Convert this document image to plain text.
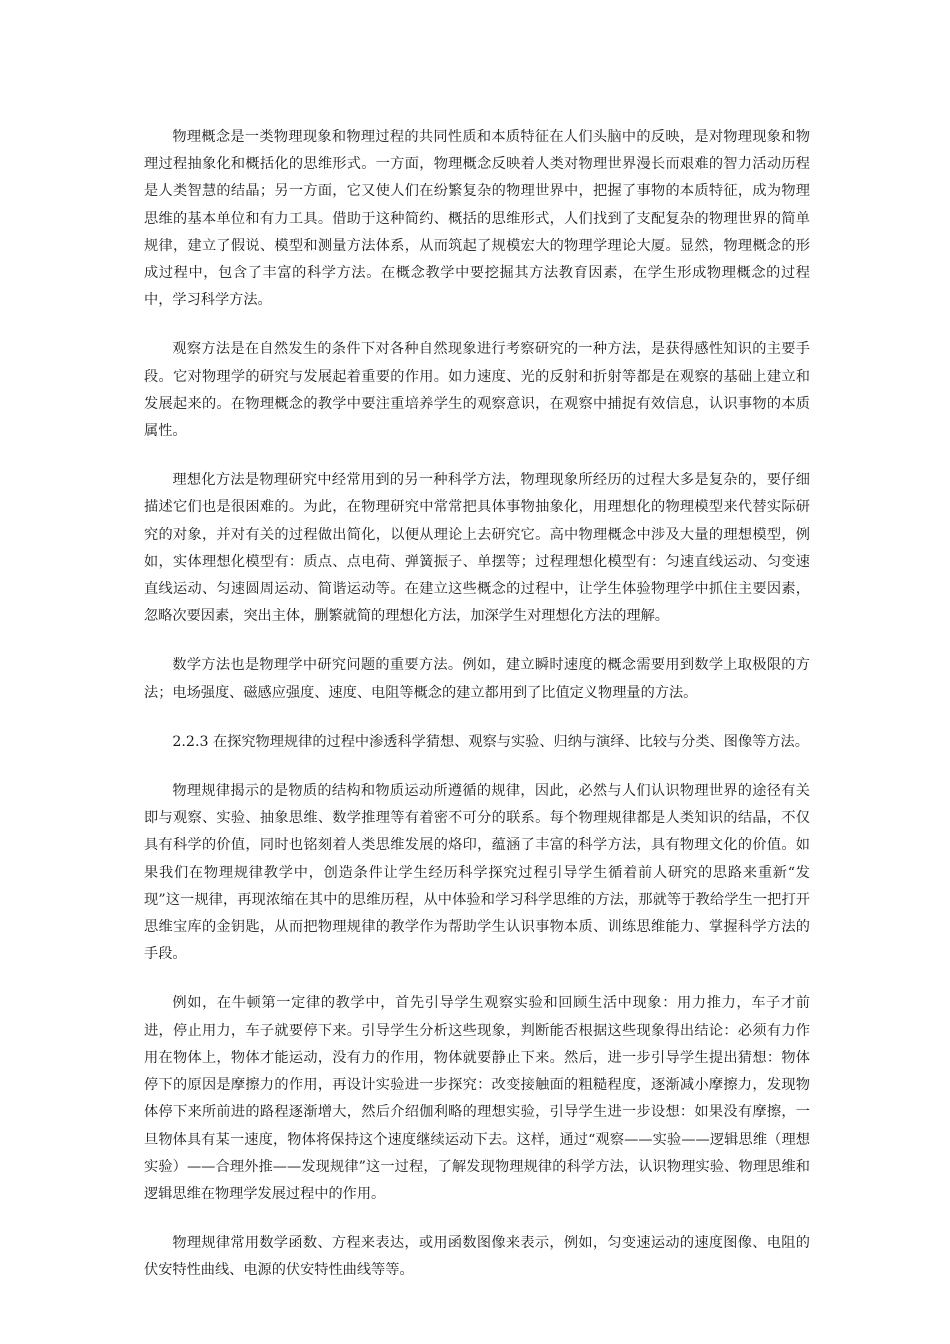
物理概念是一类物理现象和物理过程的共同性质和本质特征在人们头脑中的反映，是对物理现象和物理过程抽象化和概括化的思维形式。一方面，物理概念反映着人类对物理世界漫长而艰难的智力活动历程是人类智慧的结晶；另一方面，它又使人们在纷繁复杂的物理世界中，把握了事物的本质特征，成为物理思维的基本单位和有力工具。借助于这种简约、概括的思维形式，人们找到了支配复杂的物理世界的简单规律，建立了假说、模型和测量方法体系，从而筑起了规模宏大的物理学理论大厦。显然，物理概念的形成过程中，包含了丰富的科学方法。在概念教学中要挖掘其方法教育因素，在学生形成物理概念的过程中，学习科学方法。

观察方法是在自然发生的条件下对各种自然现象进行考察研究的一种方法，是获得感性知识的主要手段。它对物理学的研究与发展起着重要的作用。如力速度、光的反射和折射等都是在观察的基础上建立和发展起来的。在物理概念的教学中要注重培养学生的观察意识，在观察中捕捉有效信息，认识事物的本质属性。

理想化方法是物理研究中经常用到的另一种科学方法，物理现象所经历的过程大多是复杂的，要仔细描述它们也是很困难的。为此，在物理研究中常常把具体事物抽象化，用理想化的物理模型来代替实际研究的对象，并对有关的过程做出简化，以便从理论上去研究它。高中物理概念中涉及大量的理想模型，例如，实体理想化模型有：质点、点电荷、弹簧振子、单摆等；过程理想化模型有：匀速直线运动、匀变速直线运动、匀速圆周运动、简谐运动等。在建立这些概念的过程中，让学生体验物理学中抓住主要因素，忽略次要因素，突出主体，删繁就简的理想化方法，加深学生对理想化方法的理解。

数学方法也是物理学中研究问题的重要方法。例如，建立瞬时速度的概念需要用到数学上取极限的方法；电场强度、磁感应强度、速度、电阻等概念的建立都用到了比值定义物理量的方法。

2.2.3 在探究物理规律的过程中渗透科学猜想、观察与实验、归纳与演绎、比较与分类、图像等方法。

物理规律揭示的是物质的结构和物质运动所遵循的规律，因此，必然与人们认识物理世界的途径有关即与观察、实验、抽象思维、数学推理等有着密不可分的联系。每个物理规律都是人类知识的结晶，不仅具有科学的价值，同时也铭刻着人类思维发展的烙印，蕴涵了丰富的科学方法，具有物理文化的价值。如果我们在物理规律教学中，创造条件让学生经历科学探究过程引导学生循着前人研究的思路来重新“发现”这一规律，再现浓缩在其中的思维历程，从中体验和学习科学思维的方法，那就等于教给学生一把打开思维宝库的金钥匙，从而把物理规律的教学作为帮助学生认识事物本质、训练思维能力、掌握科学方法的手段。

例如，在牛顿第一定律的教学中，首先引导学生观察实验和回顾生活中现象：用力推力，车子才前进，停止用力，车子就要停下来。引导学生分析这些现象，判断能否根据这些现象得出结论：必须有力作用在物体上，物体才能运动，没有力的作用，物体就要静止下来。然后，进一步引导学生提出猜想：物体停下的原因是摩擦力的作用，再设计实验进一步探究：改变接触面的粗糙程度，逐渐减小摩擦力，发现物体停下来所前进的路程逐渐增大，然后介绍伽利略的理想实验，引导学生进一步设想：如果没有摩擦，一旦物体具有某一速度，物体将保持这个速度继续运动下去。这样，通过“观察——实验——逻辑思维（理想实验）——合理外推——发现规律”这一过程，了解发现物理规律的科学方法，认识物理实验、物理思维和逻辑思维在物理学发展过程中的作用。

物理规律常用数学函数、方程来表达，或用函数图像来表示，例如，匀变速运动的速度图像、电阻的伏安特性曲线、电源的伏安特性曲线等等。
